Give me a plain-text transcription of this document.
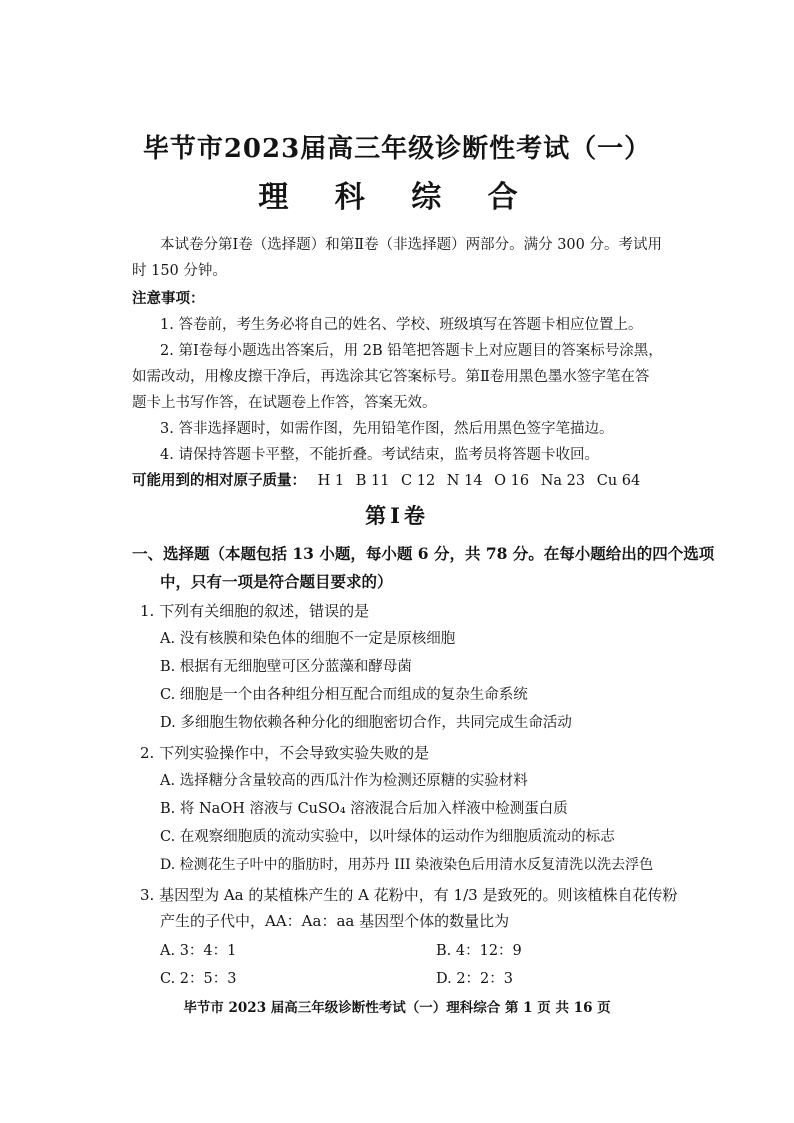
毕节市2023届高三年级诊断性考试（一）
理 科 综 合
本试卷分第Ⅰ卷（选择题）和第Ⅱ卷（非选择题）两部分。满分 300 分。考试用
时 150 分钟。
注意事项：
1. 答卷前，考生务必将自己的姓名、学校、班级填写在答题卡相应位置上。
2. 第Ⅰ卷每小题选出答案后，用 2B 铅笔把答题卡上对应题目的答案标号涂黑，
如需改动，用橡皮擦干净后，再选涂其它答案标号。第Ⅱ卷用黑色墨水签字笔在答
题卡上书写作答，在试题卷上作答，答案无效。
3. 答非选择题时，如需作图，先用铅笔作图，然后用黑色签字笔描边。
4. 请保持答题卡平整，不能折叠。考试结束，监考员将答题卡收回。
可能用到的相对原子质量： H 1 B 11 C 12 N 14 O 16 Na 23 Cu 64
第Ⅰ卷
一、选择题（本题包括 13 小题，每小题 6 分，共 78 分。在每小题给出的四个选项
中，只有一项是符合题目要求的）
1. 下列有关细胞的叙述，错误的是
A. 没有核膜和染色体的细胞不一定是原核细胞
B. 根据有无细胞壁可区分蓝藻和酵母菌
C. 细胞是一个由各种组分相互配合而组成的复杂生命系统
D. 多细胞生物依赖各种分化的细胞密切合作，共同完成生命活动
2. 下列实验操作中，不会导致实验失败的是
A. 选择糖分含量较高的西瓜汁作为检测还原糖的实验材料
B. 将 NaOH 溶液与 CuSO₄ 溶液混合后加入样液中检测蛋白质
C. 在观察细胞质的流动实验中，以叶绿体的运动作为细胞质流动的标志
D. 检测花生子叶中的脂肪时，用苏丹 III 染液染色后用清水反复清洗以洗去浮色
3. 基因型为 Aa 的某植株产生的 A 花粉中，有 1/3 是致死的。则该植株自花传粉
产生的子代中，AA：Aa：aa 基因型个体的数量比为
A. 3：4：1	B. 4：12：9
C. 2：5：3	D. 2：2：3
毕节市 2023 届高三年级诊断性考试（一）理科综合 第 1 页 共 16 页
